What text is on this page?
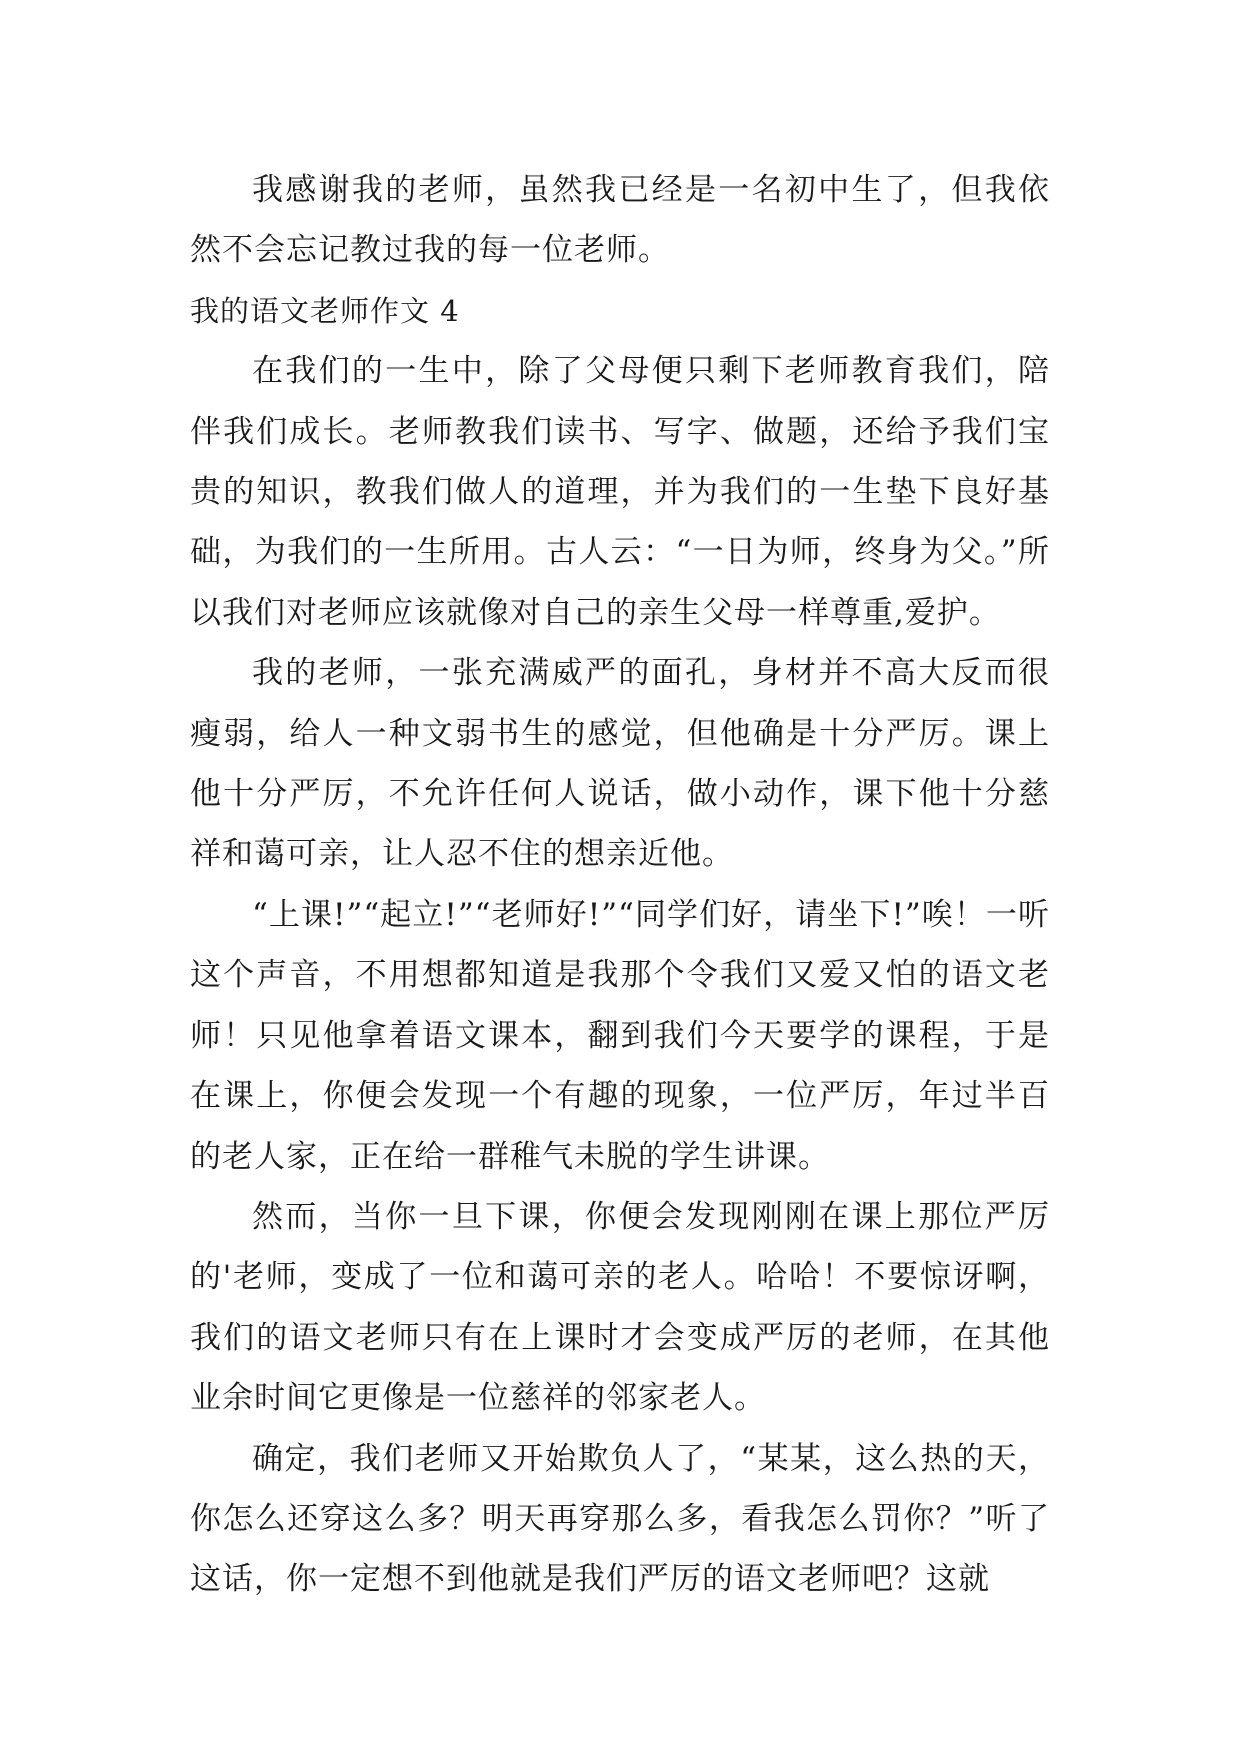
我感谢我的老师，虽然我已经是一名初中生了，但我依然不会忘记教过我的每一位老师。

我的语文老师作文 4

在我们的一生中，除了父母便只剩下老师教育我们，陪伴我们成长。老师教我们读书、写字、做题，还给予我们宝贵的知识，教我们做人的道理，并为我们的一生垫下良好基础，为我们的一生所用。古人云：“一日为师，终身为父。”所以我们对老师应该就像对自己的亲生父母一样尊重,爱护。

我的老师，一张充满威严的面孔，身材并不高大反而很瘦弱，给人一种文弱书生的感觉，但他确是十分严厉。课上他十分严厉，不允许任何人说话，做小动作，课下他十分慈祥和蔼可亲，让人忍不住的想亲近他。

“上课!”“起立!”“老师好!”“同学们好，请坐下!”唉！一听这个声音，不用想都知道是我那个令我们又爱又怕的语文老师！只见他拿着语文课本，翻到我们今天要学的课程，于是在课上，你便会发现一个有趣的现象，一位严厉，年过半百的老人家，正在给一群稚气未脱的学生讲课。

然而，当你一旦下课，你便会发现刚刚在课上那位严厉的'老师，变成了一位和蔼可亲的老人。哈哈！不要惊讶啊，我们的语文老师只有在上课时才会变成严厉的老师，在其他业余时间它更像是一位慈祥的邻家老人。

确定，我们老师又开始欺负人了，“某某，这么热的天，你怎么还穿这么多？明天再穿那么多，看我怎么罚你？”听了这话，你一定想不到他就是我们严厉的语文老师吧？这就
